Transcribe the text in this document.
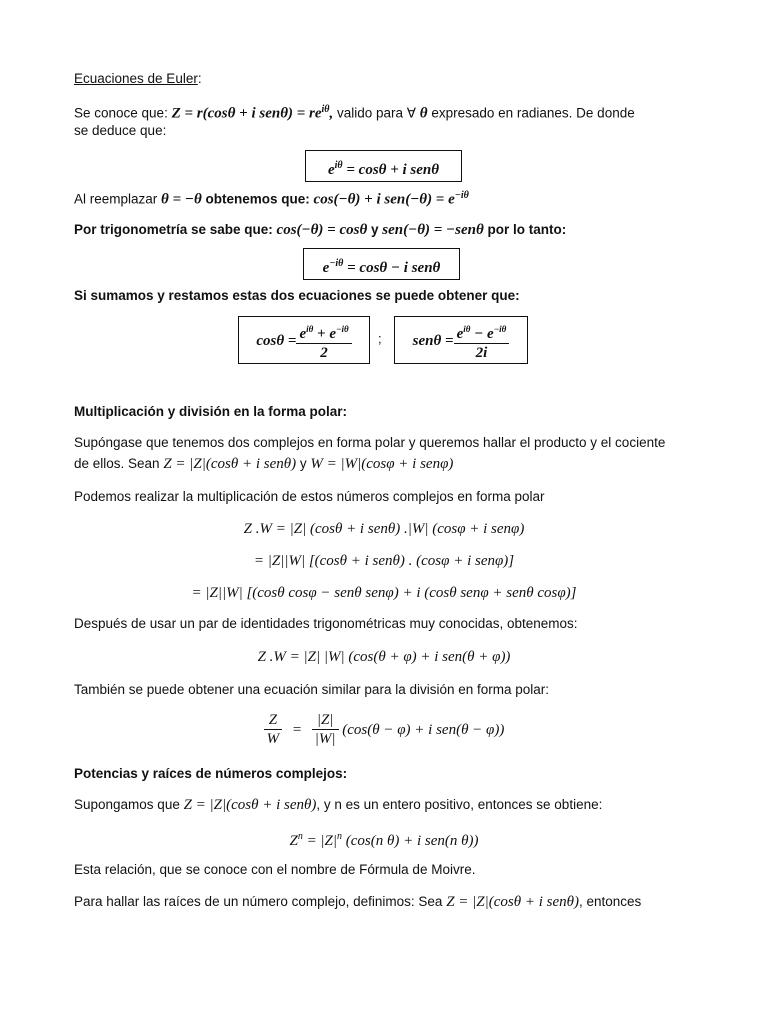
Ecuaciones de Euler:
Se conoce que: Z = r(cosθ + i $sen\theta) = re^{i\theta}$, valido para ∀ θ expresado en radianes. De donde
se deduce que:
$e^{i\theta} = \cos\theta + i$ senθ
Al reemplazar θ = −θ obtenemos que: cos(−θ) + i $sen(-\theta) = e^{-i\theta}$
Por trigonometría se sabe que: cos(−θ) = cosθ y sen(−θ) = −senθ por lo tanto:
$e^{-i\theta} = \cos\theta - i$ senθ
Si sumamos y restamos estas dos ecuaciones se puede obtener que:
$\cos\theta = \frac{e^{i\theta} + e^{-i\theta}}{2}$ ;	$sen\theta = \frac{e^{i\theta} - e^{-i\theta}}{2i}$
Multiplicación y división en la forma polar:
Supóngase que tenemos dos complejos en forma polar y queremos hallar el producto y el cociente
de ellos. Sean Z = |Z|(cosθ + i senθ) y W = |W|(cosφ + i senφ)
Podemos realizar la multiplicación de estos números complejos en forma polar
Z .W = |Z| (cosθ + i senθ) .|W| (cosφ + i senφ)
= |Z||W| [(cosθ + i senθ) . (cosφ + i senφ)]
= |Z||W| [(cosθ cosφ − senθ senφ) + i (cosθ senφ + senθ cosφ)]
Después de usar un par de identidades trigonométricas muy conocidas, obtenemos:
Z .W = |Z| |W| (cos(θ + φ) + i sen(θ + φ))
También se puede obtener una ecuación similar para la división en forma polar:
$\frac{Z}{W} = \frac{|Z|}{|W|} (\cos(\theta - \varphi) + i$ sen(θ − φ))
Potencias y raíces de números complejos:
Supongamos que Z = |Z|(cosθ + i senθ), y n es un entero positivo, entonces se obtiene:
$Z^n = |Z|^n$ (cos(n θ) + i sen(n θ))
Esta relación, que se conoce con el nombre de Fórmula de Moivre.
Para hallar las raíces de un número complejo, definimos: Sea Z = |Z|(cosθ + i senθ), entonces
